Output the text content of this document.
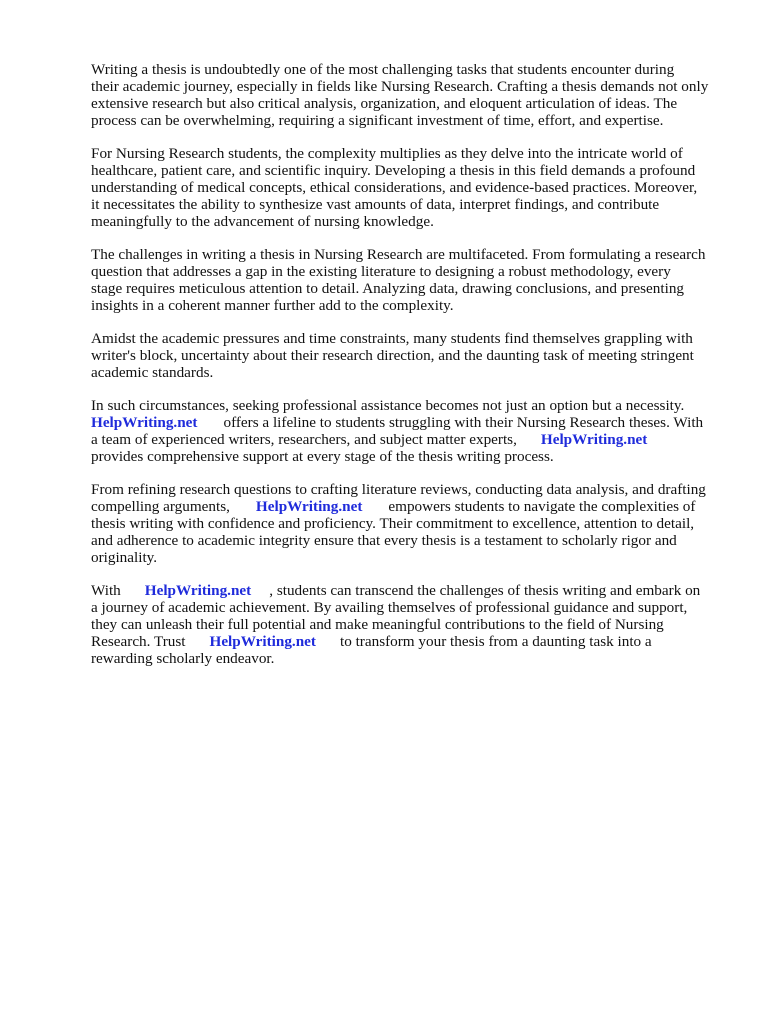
Writing a thesis is undoubtedly one of the most challenging tasks that students encounter during
their academic journey, especially in fields like Nursing Research. Crafting a thesis demands not only
extensive research but also critical analysis, organization, and eloquent articulation of ideas. The
process can be overwhelming, requiring a significant investment of time, effort, and expertise.

For Nursing Research students, the complexity multiplies as they delve into the intricate world of
healthcare, patient care, and scientific inquiry. Developing a thesis in this field demands a profound
understanding of medical concepts, ethical considerations, and evidence-based practices. Moreover,
it necessitates the ability to synthesize vast amounts of data, interpret findings, and contribute
meaningfully to the advancement of nursing knowledge.

The challenges in writing a thesis in Nursing Research are multifaceted. From formulating a research
question that addresses a gap in the existing literature to designing a robust methodology, every
stage requires meticulous attention to detail. Analyzing data, drawing conclusions, and presenting
insights in a coherent manner further add to the complexity.

Amidst the academic pressures and time constraints, many students find themselves grappling with
writer's block, uncertainty about their research direction, and the daunting task of meeting stringent
academic standards.

In such circumstances, seeking professional assistance becomes not just an option but a necessity.
HelpWriting.net offers a lifeline to students struggling with their Nursing Research theses. With
a team of experienced writers, researchers, and subject matter experts, HelpWriting.net
provides comprehensive support at every stage of the thesis writing process.

From refining research questions to crafting literature reviews, conducting data analysis, and drafting
compelling arguments, HelpWriting.net empowers students to navigate the complexities of
thesis writing with confidence and proficiency. Their commitment to excellence, attention to detail,
and adherence to academic integrity ensure that every thesis is a testament to scholarly rigor and
originality.

With HelpWriting.net , students can transcend the challenges of thesis writing and embark on
a journey of academic achievement. By availing themselves of professional guidance and support,
they can unleash their full potential and make meaningful contributions to the field of Nursing
Research. Trust HelpWriting.net to transform your thesis from a daunting task into a
rewarding scholarly endeavor.
